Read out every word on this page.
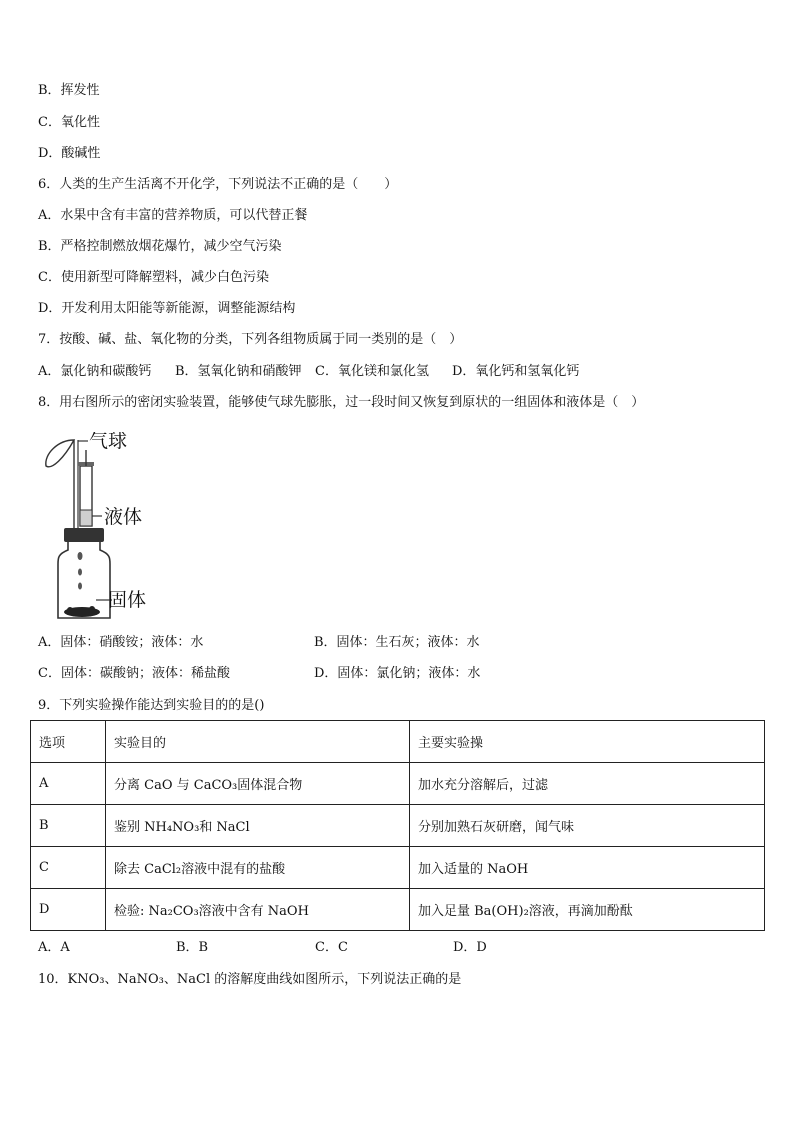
B．挥发性
C．氧化性
D．酸碱性
6．人类的生产生活离不开化学，下列说法不正确的是（　　）
A．水果中含有丰富的营养物质，可以代替正餐
B．严格控制燃放烟花爆竹，减少空气污染
C．使用新型可降解塑料，减少白色污染
D．开发利用太阳能等新能源，调整能源结构
7．按酸、碱、盐、氧化物的分类，下列各组物质属于同一类别的是（　）
A．氯化钠和碳酸钙 B．氢氧化钠和硝酸钾 C．氧化镁和氯化氢 D．氧化钙和氢氧化钙
8．用右图所示的密闭实验装置，能够使气球先膨胀，过一段时间又恢复到原状的一组固体和液体是（　）
气球
液体
固体
A．固体：硝酸铵；液体：水	B．固体：生石灰；液体：水
C．固体：碳酸钠；液体：稀盐酸	D．固体：氯化钠；液体：水
9．下列实验操作能达到实验目的的是()
选项	实验目的	主要实验操
A	分离 CaO 与 CaCO₃固体混合物	加水充分溶解后，过滤
B	鉴别 NH₄NO₃和 NaCl	分别加熟石灰研磨，闻气味
C	除去 CaCl₂溶液中混有的盐酸	加入适量的 NaOH
D	检验: Na₂CO₃溶液中含有 NaOH	加入足量 Ba(OH)₂溶液，再滴加酚酞
A．A	B．B	C．C	D．D
10．KNO₃、NaNO₃、NaCl 的溶解度曲线如图所示，下列说法正确的是
